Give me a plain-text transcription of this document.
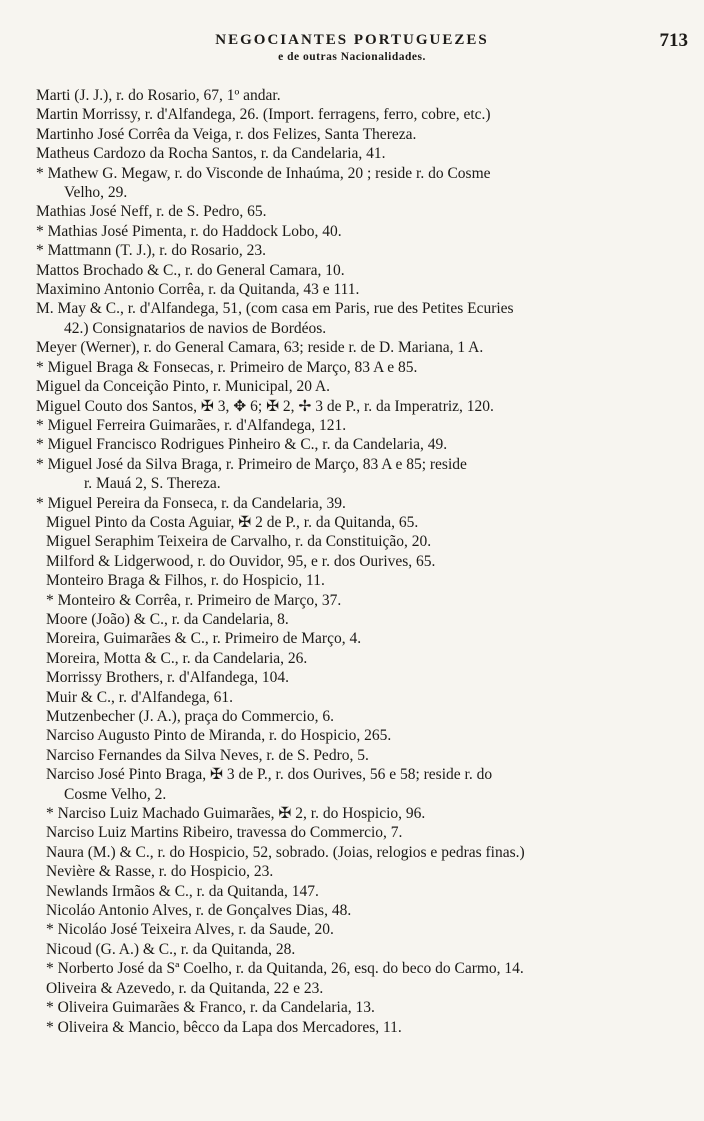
NEGOCIANTES PORTUGUEZES
e de outras Nacionalidades.
713
Marti (J. J.), r. do Rosario, 67, 1º andar.
Martin Morrissy, r. d'Alfandega, 26. (Import. ferragens, ferro, cobre, etc.)
Martinho José Corrêa da Veiga, r. dos Felizes, Santa Thereza.
Matheus Cardozo da Rocha Santos, r. da Candelaria, 41.
* Mathew G. Megaw, r. do Visconde de Inhaúma, 20 ; reside r. do Cosme
Velho, 29.
Mathias José Neff, r. de S. Pedro, 65.
* Mathias José Pimenta, r. do Haddock Lobo, 40.
* Mattmann (T. J.), r. do Rosario, 23.
Mattos Brochado & C., r. do General Camara, 10.
Maximino Antonio Corrêa, r. da Quitanda, 43 e 111.
M. May & C., r. d'Alfandega, 51, (com casa em Paris, rue des Petites Ecuries
42.) Consignatarios de navios de Bordéos.
Meyer (Werner), r. do General Camara, 63; reside r. de D. Mariana, 1 A.
* Miguel Braga & Fonsecas, r. Primeiro de Março, 83 A e 85.
Miguel da Conceição Pinto, r. Municipal, 20 A.
Miguel Couto dos Santos, ✠ 3, ✥ 6; ✠ 2, ✢ 3 de P., r. da Imperatriz, 120.
* Miguel Ferreira Guimarães, r. d'Alfandega, 121.
* Miguel Francisco Rodrigues Pinheiro & C., r. da Candelaria, 49.
* Miguel José da Silva Braga, r. Primeiro de Março, 83 A e 85; reside
r. Mauá 2, S. Thereza.
* Miguel Pereira da Fonseca, r. da Candelaria, 39.
Miguel Pinto da Costa Aguiar, ✠ 2 de P., r. da Quitanda, 65.
Miguel Seraphim Teixeira de Carvalho, r. da Constituição, 20.
Milford & Lidgerwood, r. do Ouvidor, 95, e r. dos Ourives, 65.
Monteiro Braga & Filhos, r. do Hospicio, 11.
* Monteiro & Corrêa, r. Primeiro de Março, 37.
Moore (João) & C., r. da Candelaria, 8.
Moreira, Guimarães & C., r. Primeiro de Março, 4.
Moreira, Motta & C., r. da Candelaria, 26.
Morrissy Brothers, r. d'Alfandega, 104.
Muir & C., r. d'Alfandega, 61.
Mutzenbecher (J. A.), praça do Commercio, 6.
Narciso Augusto Pinto de Miranda, r. do Hospicio, 265.
Narciso Fernandes da Silva Neves, r. de S. Pedro, 5.
Narciso José Pinto Braga, ✠ 3 de P., r. dos Ourives, 56 e 58; reside r. do
Cosme Velho, 2.
* Narciso Luiz Machado Guimarães, ✠ 2, r. do Hospicio, 96.
Narciso Luiz Martins Ribeiro, travessa do Commercio, 7.
Naura (M.) & C., r. do Hospicio, 52, sobrado. (Joias, relogios e pedras finas.)
Nevière & Rasse, r. do Hospicio, 23.
Newlands Irmãos & C., r. da Quitanda, 147.
Nicoláo Antonio Alves, r. de Gonçalves Dias, 48.
* Nicoláo José Teixeira Alves, r. da Saude, 20.
Nicoud (G. A.) & C., r. da Quitanda, 28.
* Norberto José da Sª Coelho, r. da Quitanda, 26, esq. do beco do Carmo, 14.
Oliveira & Azevedo, r. da Quitanda, 22 e 23.
* Oliveira Guimarães & Franco, r. da Candelaria, 13.
* Oliveira & Mancio, bêcco da Lapa dos Mercadores, 11.
